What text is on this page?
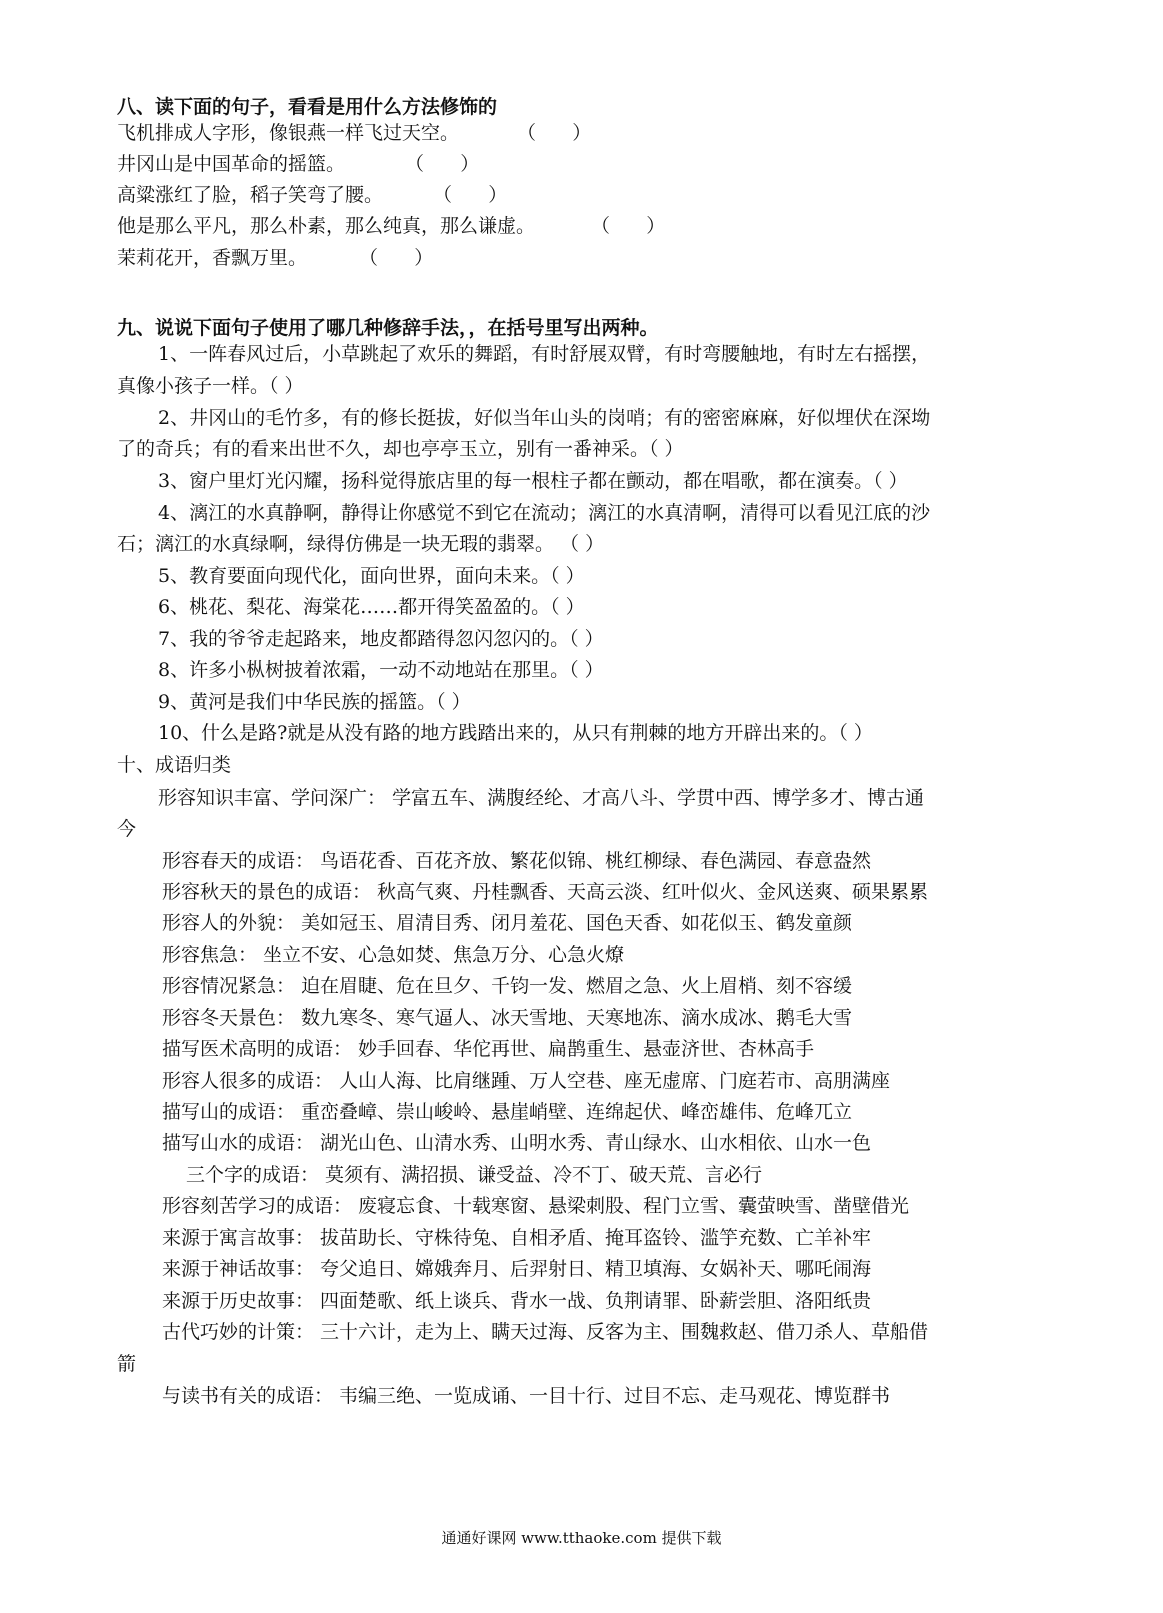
八、读下面的句子，看看是用什么方法修饰的
飞机排成人字形，像银燕一样飞过天空。	（      ）
井冈山是中国革命的摇篮。	（      ）
高粱涨红了脸，稻子笑弯了腰。	（      ）
他是那么平凡，那么朴素，那么纯真，那么谦虚。	（      ）
茉莉花开，香飘万里。	（      ）
九、说说下面句子使用了哪几种修辞手法，，在括号里写出两种。
1、一阵春风过后，小草跳起了欢乐的舞蹈，有时舒展双臂，有时弯腰触地，有时左右摇摆，
真像小孩子一样。（ ）
2、井冈山的毛竹多，有的修长挺拔，好似当年山头的岗哨；有的密密麻麻，好似埋伏在深坳
了的奇兵；有的看来出世不久，却也亭亭玉立，别有一番神采。（ ）
3、窗户里灯光闪耀，扬科觉得旅店里的每一根柱子都在颤动，都在唱歌，都在演奏。（ ）
4、漓江的水真静啊，静得让你感觉不到它在流动；漓江的水真清啊，清得可以看见江底的沙
石；漓江的水真绿啊，绿得仿佛是一块无瑕的翡翠。 （ ）
5、教育要面向现代化，面向世界，面向未来。（ ）
6、桃花、梨花、海棠花……都开得笑盈盈的。（ ）
7、我的爷爷走起路来，地皮都踏得忽闪忽闪的。（ ）
8、许多小枞树披着浓霜，一动不动地站在那里。（ ）
9、黄河是我们中华民族的摇篮。（ ）
10、什么是路?就是从没有路的地方践踏出来的，从只有荆棘的地方开辟出来的。（ ）
十、成语归类
形容知识丰富、学问深广： 学富五车、满腹经纶、才高八斗、学贯中西、博学多才、博古通
今
形容春天的成语： 鸟语花香、百花齐放、繁花似锦、桃红柳绿、春色满园、春意盎然
形容秋天的景色的成语： 秋高气爽、丹桂飘香、天高云淡、红叶似火、金风送爽、硕果累累
形容人的外貌： 美如冠玉、眉清目秀、闭月羞花、国色天香、如花似玉、鹤发童颜
形容焦急： 坐立不安、心急如焚、焦急万分、心急火燎
形容情况紧急： 迫在眉睫、危在旦夕、千钧一发、燃眉之急、火上眉梢、刻不容缓
形容冬天景色： 数九寒冬、寒气逼人、冰天雪地、天寒地冻、滴水成冰、鹅毛大雪
描写医术高明的成语： 妙手回春、华佗再世、扁鹊重生、悬壶济世、杏林高手
形容人很多的成语： 人山人海、比肩继踵、万人空巷、座无虚席、门庭若市、高朋满座
描写山的成语： 重峦叠嶂、崇山峻岭、悬崖峭壁、连绵起伏、峰峦雄伟、危峰兀立
描写山水的成语： 湖光山色、山清水秀、山明水秀、青山绿水、山水相依、山水一色
三个字的成语： 莫须有、满招损、谦受益、冷不丁、破天荒、言必行
形容刻苦学习的成语： 废寝忘食、十载寒窗、悬梁刺股、程门立雪、囊萤映雪、凿壁借光
来源于寓言故事： 拔苗助长、守株待兔、自相矛盾、掩耳盗铃、滥竽充数、亡羊补牢
来源于神话故事： 夸父追日、嫦娥奔月、后羿射日、精卫填海、女娲补天、哪吒闹海
来源于历史故事： 四面楚歌、纸上谈兵、背水一战、负荆请罪、卧薪尝胆、洛阳纸贵
古代巧妙的计策： 三十六计，走为上、瞒天过海、反客为主、围魏救赵、借刀杀人、草船借
箭
与读书有关的成语： 韦编三绝、一览成诵、一目十行、过目不忘、走马观花、博览群书
通通好课网 www.tthaoke.com 提供下载
